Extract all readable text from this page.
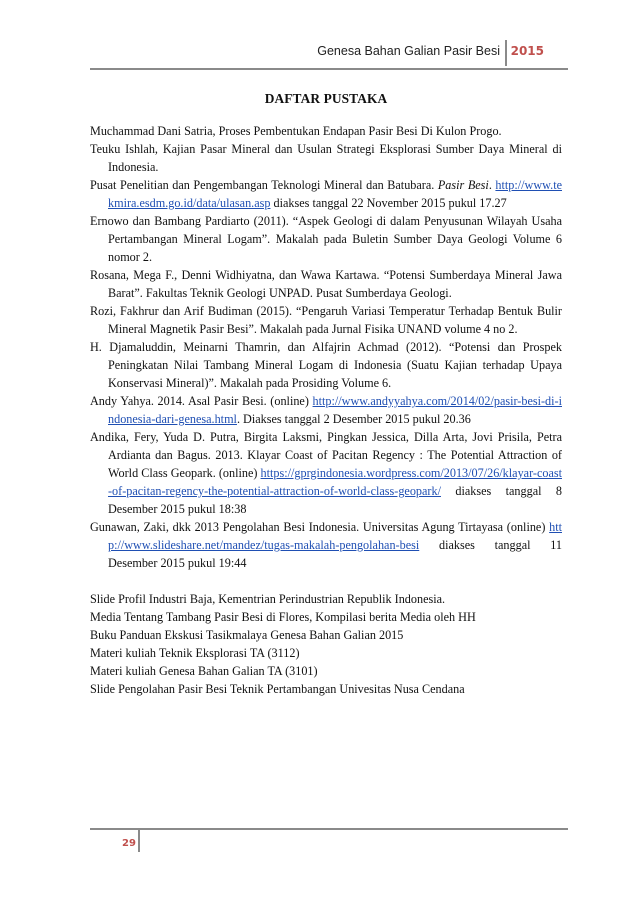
Genesa Bahan Galian Pasir Besi 2015
DAFTAR PUSTAKA

Muchammad Dani Satria, Proses Pembentukan Endapan Pasir Besi Di Kulon Progo.

Teuku Ishlah, Kajian Pasar Mineral dan Usulan Strategi Eksplorasi Sumber Daya Mineral di Indonesia.

Pusat Penelitian dan Pengembangan Teknologi Mineral dan Batubara. Pasir Besi. http://www.tekmira.esdm.go.id/data/ulasan.asp diakses tanggal 22 November 2015 pukul 17.27

Ernowo dan Bambang Pardiarto (2011). “Aspek Geologi di dalam Penyusunan Wilayah Usaha Pertambangan Mineral Logam”. Makalah pada Buletin Sumber Daya Geologi Volume 6 nomor 2.

Rosana, Mega F., Denni Widhiyatna, dan Wawa Kartawa. “Potensi Sumberdaya Mineral Jawa Barat”. Fakultas Teknik Geologi UNPAD. Pusat Sumberdaya Geologi.

Rozi, Fakhrur dan Arif Budiman (2015). “Pengaruh Variasi Temperatur Terhadap Bentuk Bulir Mineral Magnetik Pasir Besi”. Makalah pada Jurnal Fisika UNAND volume 4 no 2.

H. Djamaluddin, Meinarni Thamrin, dan Alfajrin Achmad (2012). “Potensi dan Prospek Peningkatan Nilai Tambang Mineral Logam di Indonesia (Suatu Kajian terhadap Upaya Konservasi Mineral)”. Makalah pada Prosiding Volume 6.

Andy Yahya. 2014. Asal Pasir Besi. (online) http://www.andyyahya.com/2014/02/pasir-besi-di-indonesia-dari-genesa.html. Diakses tanggal 2 Desember 2015 pukul 20.36

Andika, Fery, Yuda D. Putra, Birgita Laksmi, Pingkan Jessica, Dilla Arta, Jovi Prisila, Petra Ardianta dan Bagus. 2013. Klayar Coast of Pacitan Regency : The Potential Attraction of World Class Geopark. (online) https://gprgindonesia.wordpress.com/2013/07/26/klayar-coast-of-pacitan-regency-the-potential-attraction-of-world-class-geopark/ diakses tanggal 8 Desember 2015 pukul 18:38

Gunawan, Zaki, dkk 2013 Pengolahan Besi Indonesia. Universitas Agung Tirtayasa (online) http://www.slideshare.net/mandez/tugas-makalah-pengolahan-besi diakses tanggal 11 Desember 2015 pukul 19:44

Slide Profil Industri Baja, Kementrian Perindustrian Republik Indonesia.

Media Tentang Tambang Pasir Besi di Flores, Kompilasi berita Media oleh HH

Buku Panduan Ekskusi Tasikmalaya Genesa Bahan Galian 2015

Materi kuliah Teknik Eksplorasi TA (3112)

Materi kuliah Genesa Bahan Galian TA (3101)

Slide Pengolahan Pasir Besi Teknik Pertambangan Univesitas Nusa Cendana

29
